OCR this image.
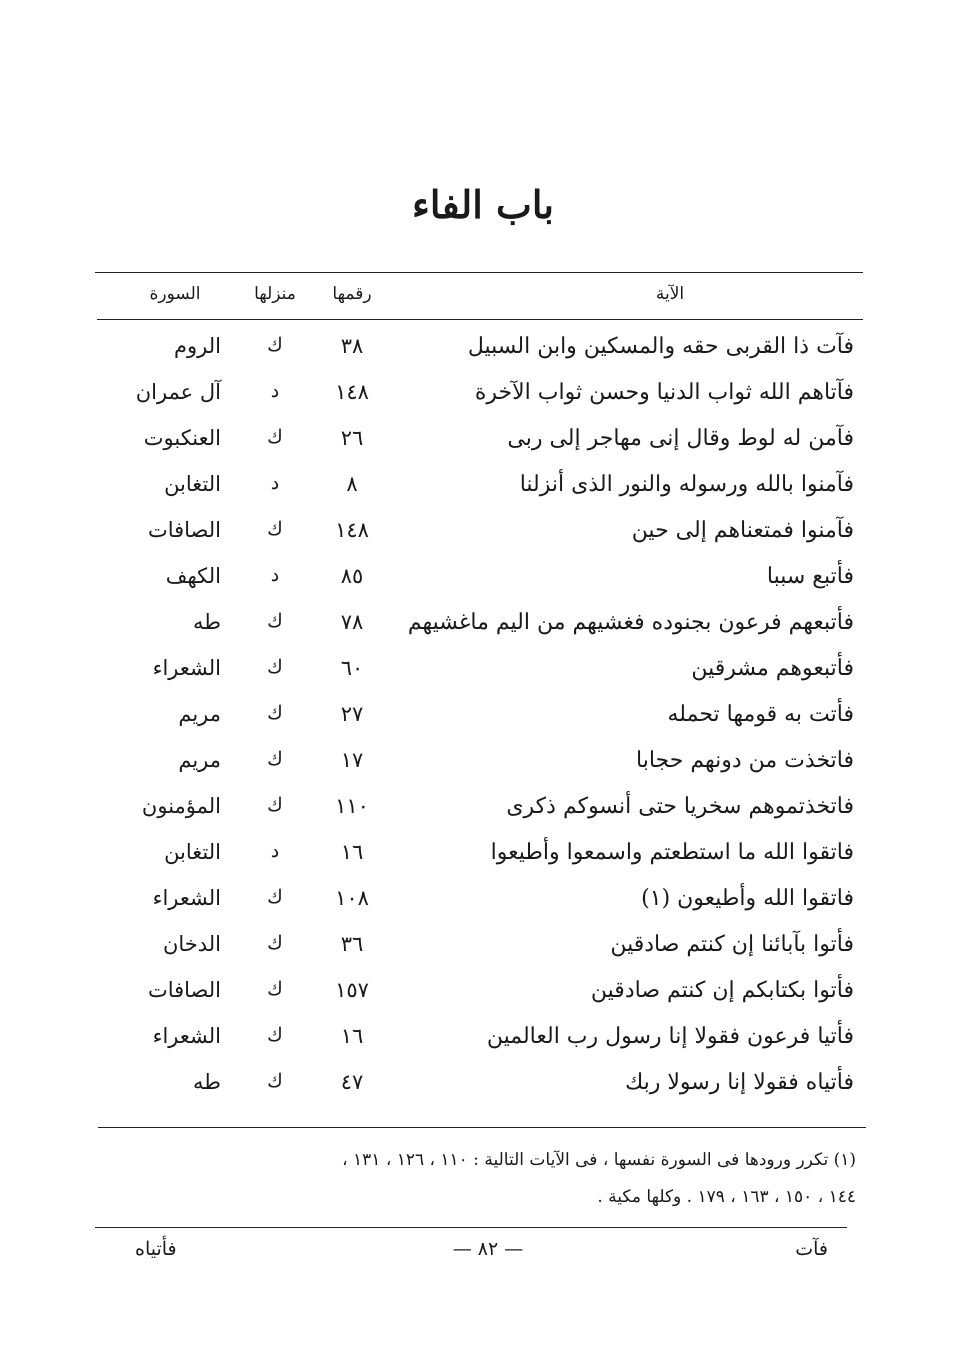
باب الفاء
الآية
رقمها
منزلها
السورة
فآت ذا القربى حقه والمسكين وابن السبيل
٣٨
ك
الروم
فآتاهم الله ثواب الدنيا وحسن ثواب الآخرة
١٤٨
د
آل عمران
فآمن له لوط وقال إنى مهاجر إلى ربى
٢٦
ك
العنكبوت
فآمنوا بالله ورسوله والنور الذى أنزلنا
٨
د
التغابن
فآمنوا فمتعناهم إلى حين
١٤٨
ك
الصافات
فأتبع سببا
٨٥
د
الكهف
فأتبعهم فرعون بجنوده فغشيهم من اليم ماغشيهم
٧٨
ك
طه
فأتبعوهم مشرقين
٦٠
ك
الشعراء
فأتت به قومها تحمله
٢٧
ك
مريم
فاتخذت من دونهم حجابا
١٧
ك
مريم
فاتخذتموهم سخريا حتى أنسوكم ذكرى
١١٠
ك
المؤمنون
فاتقوا الله ما استطعتم واسمعوا وأطيعوا
١٦
د
التغابن
فاتقوا الله وأطيعون (١)
١٠٨
ك
الشعراء
فأتوا بآبائنا إن كنتم صادقين
٣٦
ك
الدخان
فأتوا بكتابكم إن كنتم صادقين
١٥٧
ك
الصافات
فأتيا فرعون فقولا إنا رسول رب العالمين
١٦
ك
الشعراء
فأتياه فقولا إنا رسولا ربك
٤٧
ك
طه
(١) تكرر ورودها فى السورة نفسها ، فى الآيات التالية : ١١٠ ، ١٢٦ ، ١٣١ ،
١٤٤ ، ١٥٠ ، ١٦٣ ، ١٧٩ . وكلها مكية .
فآت
— ٨٢ —
فأتياه
